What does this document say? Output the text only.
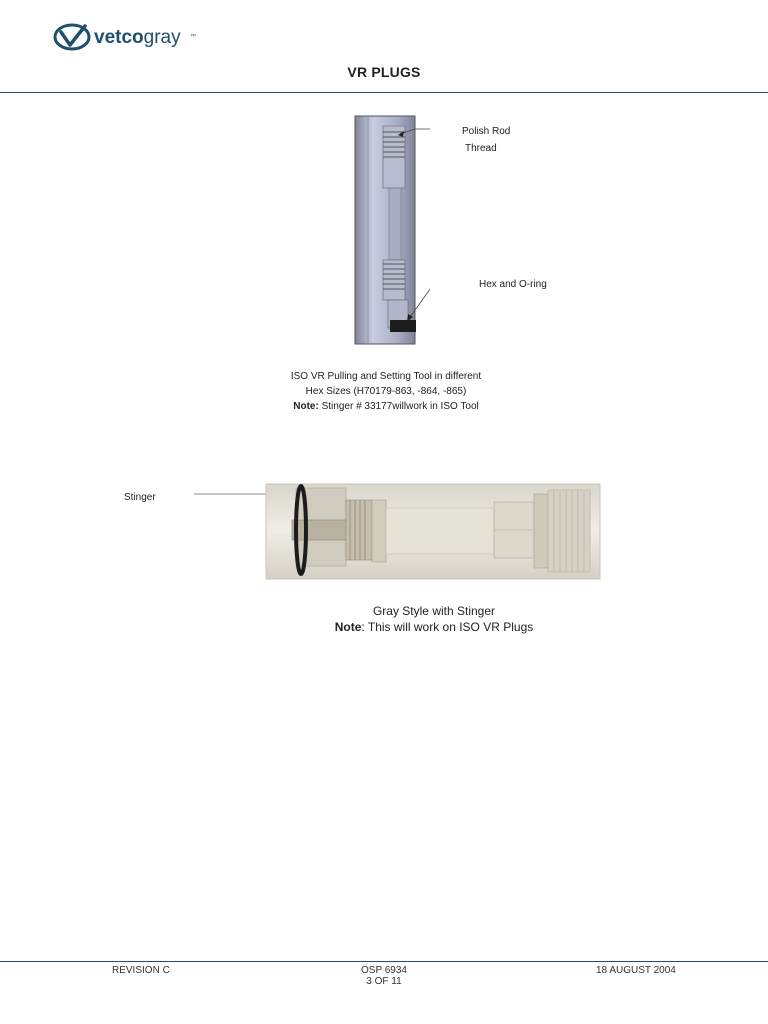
vetcogray ™
VR PLUGS
Polish Rod
Thread
Hex and O-ring
ISO VR Pulling and Setting Tool in different
Hex Sizes (H70179-863, -864, -865)
Note: Stinger # 33177willwork in ISO Tool
Stinger
Gray Style with Stinger
Note: This will work on ISO VR Plugs
REVISION C	OSP 6934
3 OF 11
18 AUGUST 2004
